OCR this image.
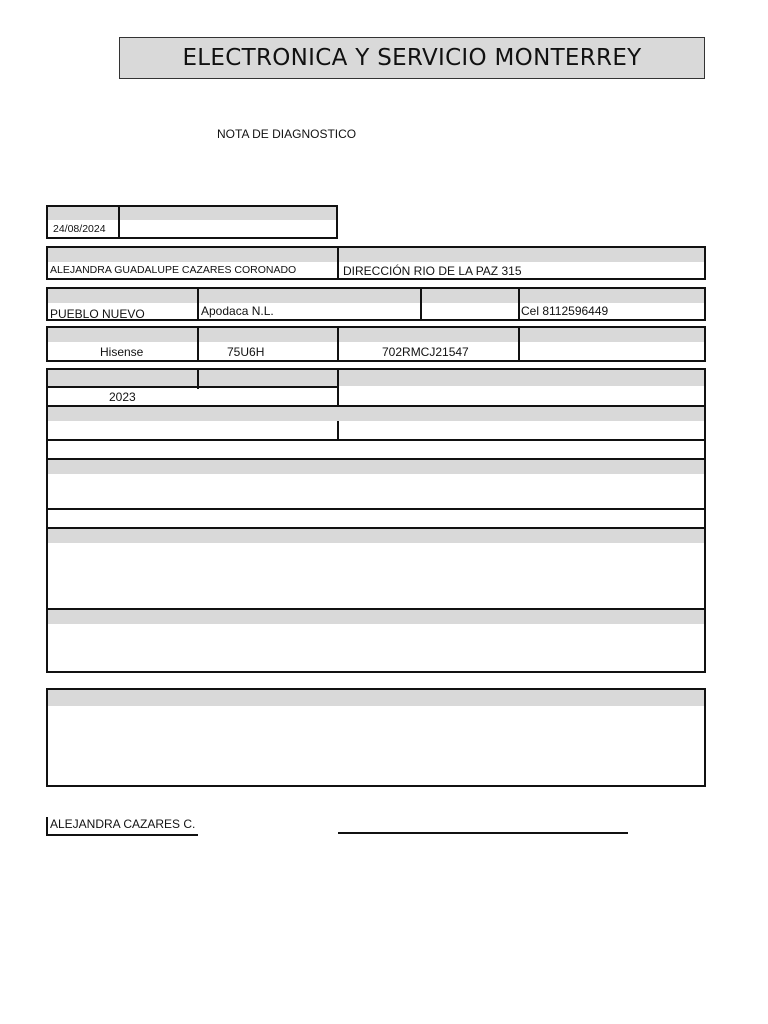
ELECTRONICA Y SERVICIO MONTERREY
NOTA DE DIAGNOSTICO
24/08/2024
ALEJANDRA GUADALUPE CAZARES CORONADO	DIRECCIÓN RIO DE LA PAZ 315
PUEBLO NUEVO	Apodaca N.L.	Cel 8112596449
Hisense	75U6H	702RMCJ21547
2023
ALEJANDRA CAZARES C.
